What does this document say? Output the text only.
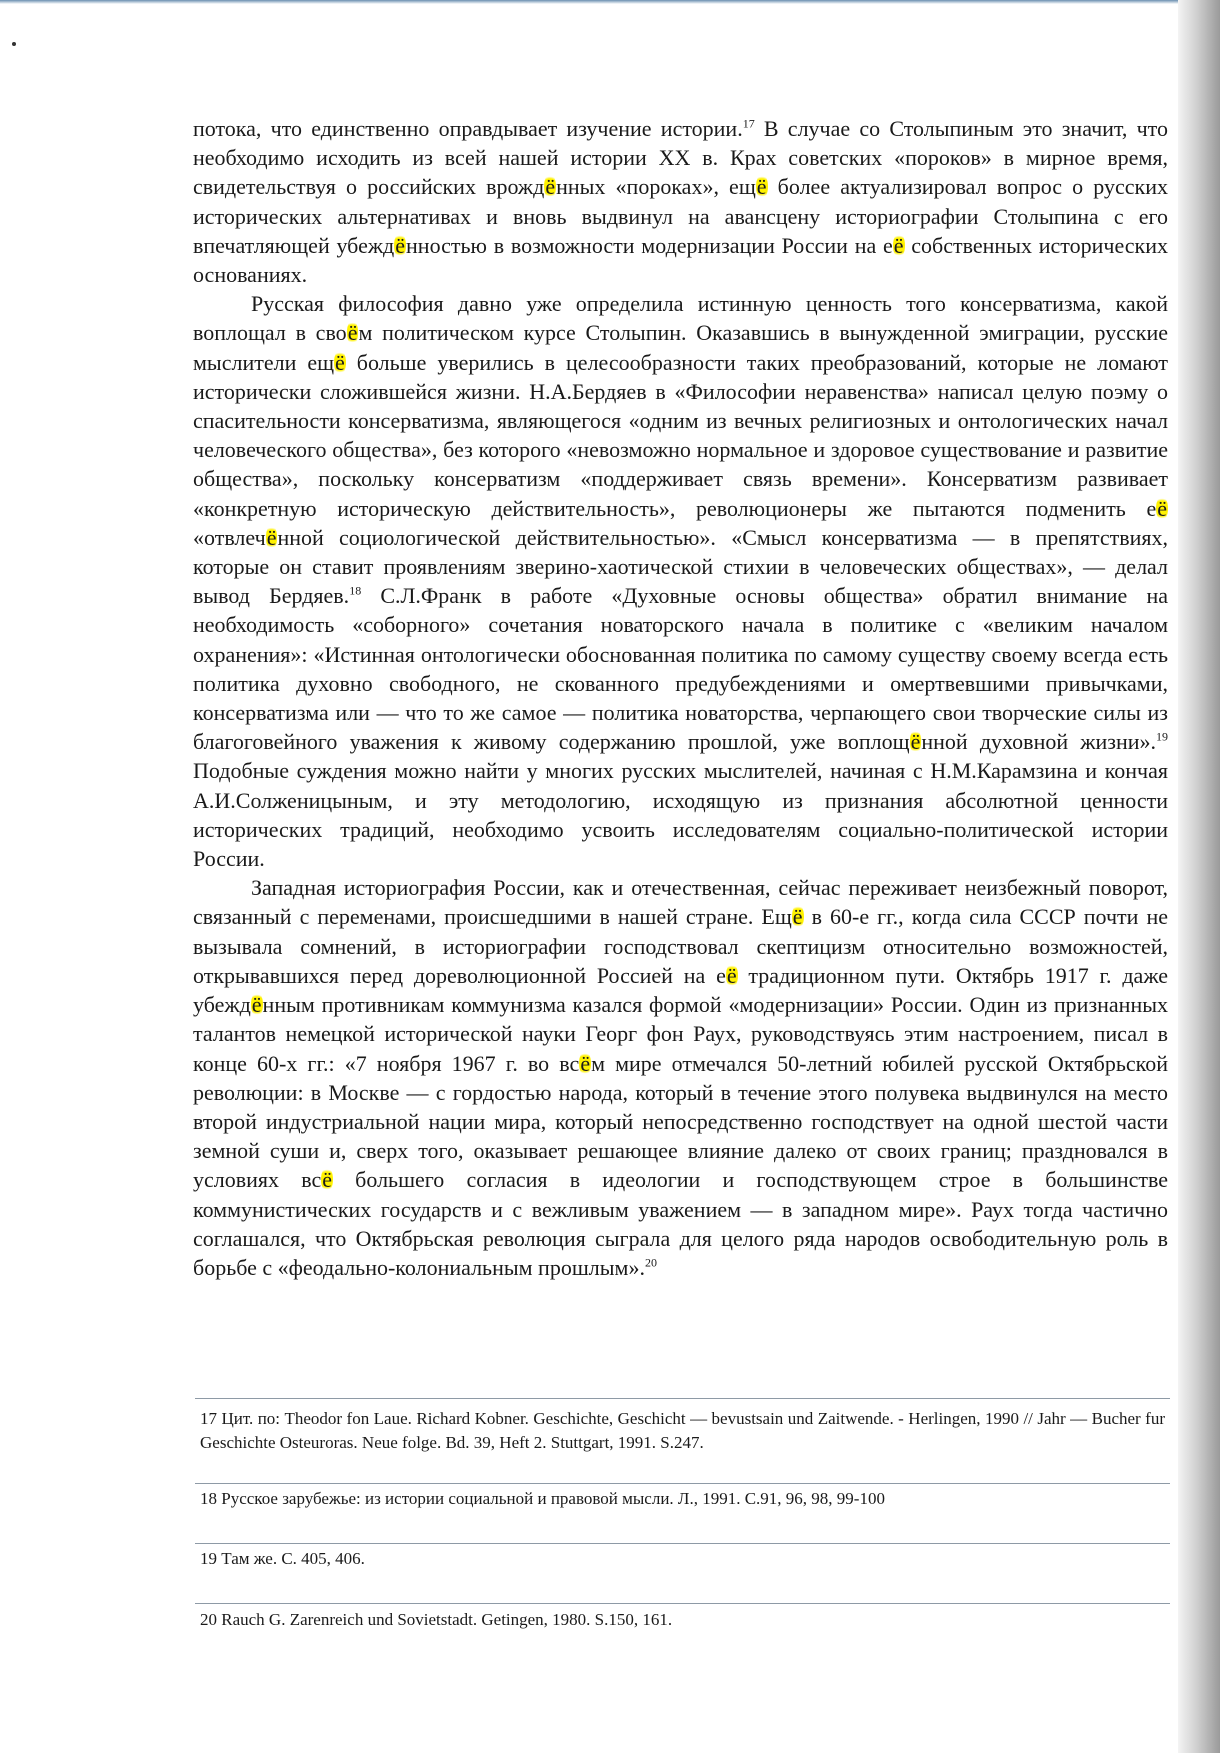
потока, что единственно оправдывает изучение истории.$^{17}$ В случае со Столыпиным это значит, что необходимо исходить из всей нашей истории XX в. Крах советских «пороков» в мирное время, свидетельствуя о российских врождённых «пороках», ещё более актуализировал вопрос о русских исторических альтернативах и вновь выдвинул на авансцену историографии Столыпина с его впечатляющей убеждённостью в возможности модернизации России на её собственных исторических основаниях.

Русская философия давно уже определила истинную ценность того консерватизма, какой воплощал в своём политическом курсе Столыпин. Оказавшись в вынужденной эмиграции, русские мыслители ещё больше уверились в целесообразности таких преобразований, которые не ломают исторически сложившейся жизни. Н.А.Бердяев в «Философии неравенства» написал целую поэму о спасительности консерватизма, являющегося «одним из вечных религиозных и онтологических начал человеческого общества», без которого «невозможно нормальное и здоровое существование и развитие общества», поскольку консерватизм «поддерживает связь времени». Консерватизм развивает «конкретную историческую действительность», революционеры же пытаются подменить её «отвлечённой социологической действительностью». «Смысл консерватизма — в препятствиях, которые он ставит проявлениям зверино-хаотической стихии в человеческих обществах», — делал вывод Бердяев.$^{18}$ С.Л.Франк в работе «Духовные основы общества» обратил внимание на необходимость «соборного» сочетания новаторского начала в политике с «великим началом охранения»: «Истинная онтологически обоснованная политика по самому существу своему всегда есть политика духовно свободного, не скованного предубеждениями и омертвевшими привычками, консерватизма или — что то же самое — политика новаторства, черпающего свои творческие силы из благоговейного уважения к живому содержанию прошлой, уже воплощённой духовной жизни».$^{19}$ Подобные суждения можно найти у многих русских мыслителей, начиная с Н.М.Карамзина и кончая А.И.Солженицыным, и эту методологию, исходящую из признания абсолютной ценности исторических традиций, необходимо усвоить исследователям социально-политической истории России.

Западная историография России, как и отечественная, сейчас переживает неизбежный поворот, связанный с переменами, происшедшими в нашей стране. Ещё в 60-е гг., когда сила СССР почти не вызывала сомнений, в историографии господствовал скептицизм относительно возможностей, открывавшихся перед дореволюционной Россией на её традиционном пути. Октябрь 1917 г. даже убеждённым противникам коммунизма казался формой «модернизации» России. Один из признанных талантов немецкой исторической науки Георг фон Раух, руководствуясь этим настроением, писал в конце 60-х гг.: «7 ноября 1967 г. во всём мире отмечался 50-летний юбилей русской Октябрьской революции: в Москве — с гордостью народа, который в течение этого полувека выдвинулся на место второй индустриальной нации мира, который непосредственно господствует на одной шестой части земной суши и, сверх того, оказывает решающее влияние далеко от своих границ; праздновался в условиях всё большего согласия в идеологии и господствующем строе в большинстве коммунистических государств и с вежливым уважением — в западном мире». Раух тогда частично соглашался, что Октябрьская революция сыграла для целого ряда народов освободительную роль в борьбе с «феодально-колониальным прошлым».$^{20}$

17 Цит. по: Theodor fon Laue. Richard Kobner. Geschichte, Geschicht — bevustsain und Zaitwende. - Herlingen, 1990 // Jahr — Bucher fur Geschichte Osteuroras. Neue folge. Bd. 39, Heft 2. Stuttgart, 1991. S.247.
18 Русское зарубежье: из истории социальной и правовой мысли. Л., 1991. С.91, 96, 98, 99-100
19 Там же. С. 405, 406.
20 Rauch G. Zarenreich und Sovietstadt. Getingen, 1980. S.150, 161.
